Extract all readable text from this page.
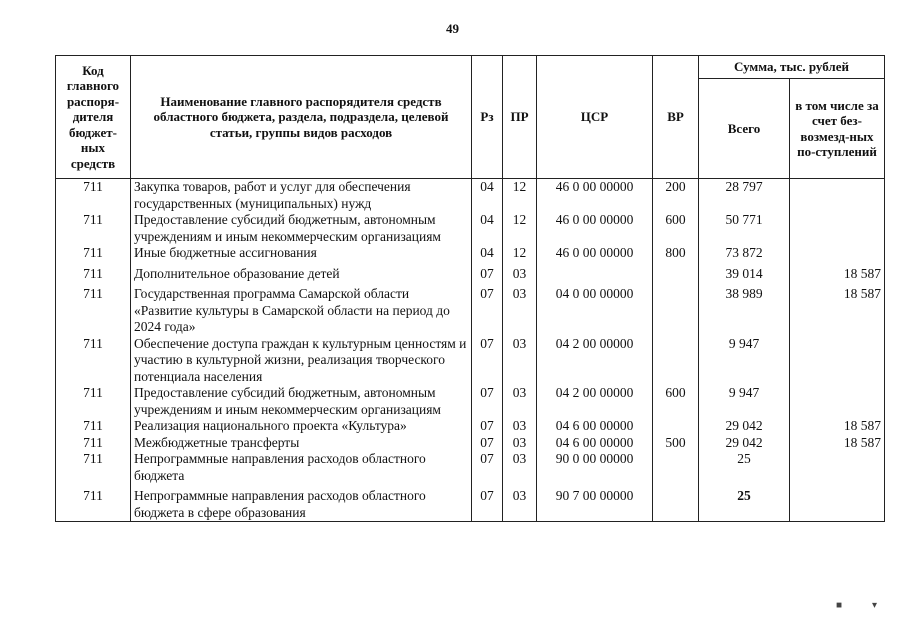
49
Код главного распоря-дителя бюджет-ных средств	Наименование главного распорядителя средств областного бюджета, раздела, подраздела, целевой статьи, группы видов расходов	Рз	ПР	ЦСР	ВР	Сумма, тыс. рублей	
						Всего	в том числе за счет без-возмезд-ных по-ступлений
711	Закупка товаров, работ и услуг для обеспечения государственных (муниципальных) нужд	04	12	46 0 00 00000	200	28 797	
711	Предоставление субсидий бюджетным, автономным учреждениям и иным некоммерческим организациям	04	12	46 0 00 00000	600	50 771	
711	Иные бюджетные ассигнования	04	12	46 0 00 00000	800	73 872	
711	Дополнительное образование детей	07	03			39 014	18 587
711	Государственная программа Самарской области «Развитие культуры в Самарской области на период до 2024 года»	07	03	04 0 00 00000		38 989	18 587
711	Обеспечение доступа граждан к культурным ценностям и участию в культурной жизни, реализация творческого потенциала населения	07	03	04 2 00 00000		9 947	
711	Предоставление субсидий бюджетным, автономным учреждениям и иным некоммерческим организациям	07	03	04 2 00 00000	600	9 947	
711	Реализация национального проекта «Культура»	07	03	04 6 00 00000		29 042	18 587
711	Межбюджетные трансферты	07	03	04 6 00 00000	500	29 042	18 587
711	Непрограммные направления расходов областного бюджета	07	03	90 0 00 00000		25	
711	Непрограммные направления расходов областного бюджета в сфере образования	07	03	90 7 00 00000		25	
■	▾
